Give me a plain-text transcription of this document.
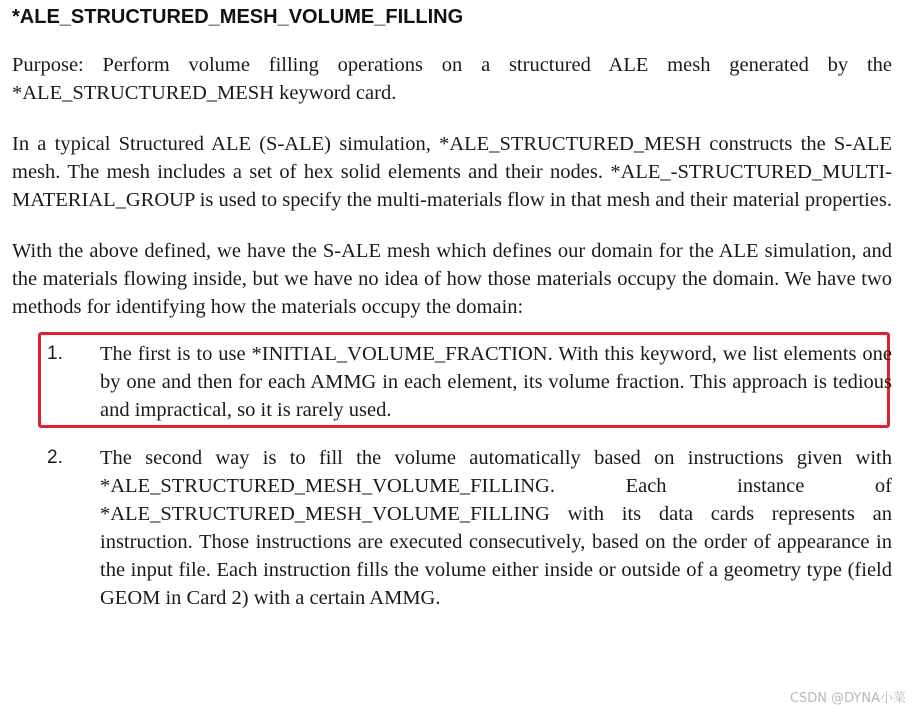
*ALE_STRUCTURED_MESH_VOLUME_FILLING

Purpose: Perform volume filling operations on a structured ALE mesh generated by the *ALE_STRUCTURED_MESH keyword card.

In a typical Structured ALE (S-ALE) simulation, *ALE_STRUCTURED_MESH constructs the S-ALE mesh. The mesh includes a set of hex solid elements and their nodes. *ALE_-STRUCTURED_MULTI-MATERIAL_GROUP is used to specify the multi-materials flow in that mesh and their material properties.

With the above defined, we have the S-ALE mesh which defines our domain for the ALE simulation, and the materials flowing inside, but we have no idea of how those materials occupy the domain. We have two methods for identifying how the materials occupy the domain:

1. The first is to use *INITIAL_VOLUME_FRACTION. With this keyword, we list elements one by one and then for each AMMG in each element, its volume fraction. This approach is tedious and impractical, so it is rarely used.
2. The second way is to fill the volume automatically based on instructions given with *ALE_STRUCTURED_MESH_VOLUME_FILLING. Each instance of *ALE_STRUCTURED_MESH_VOLUME_FILLING with its data cards represents an instruction. Those instructions are executed consecutively, based on the order of appearance in the input file. Each instruction fills the volume either inside or outside of a geometry type (field GEOM in Card 2) with a certain AMMG.
CSDN @DYNA小菜
